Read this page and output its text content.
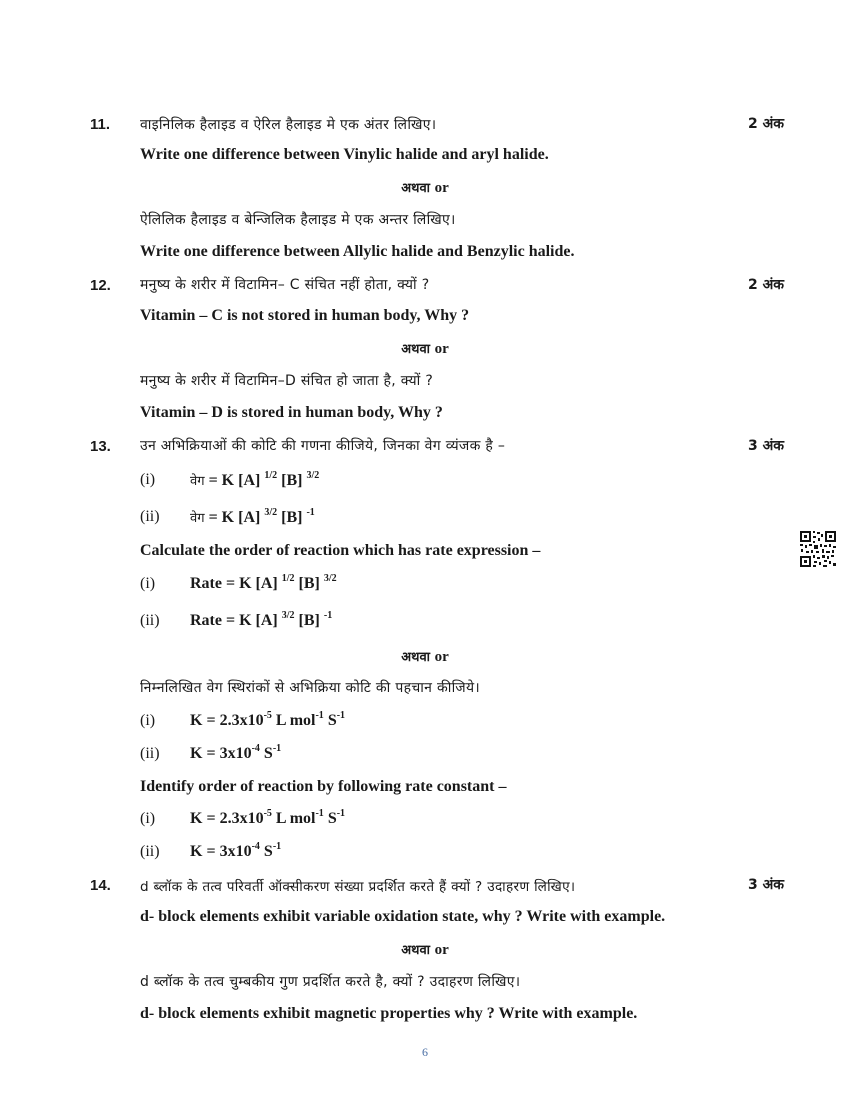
11. वाइनिलिक हैलाइड व ऐरिल हैलाइड मे एक अंतर लिखिए।	2 अंक
Write one difference between Vinylic halide and aryl halide.
अथवा or
ऐलिलिक हैलाइड व बेन्जिलिक हैलाइड मे एक अन्तर लिखिए।
Write one difference between Allylic halide and Benzylic halide.
12. मनुष्य के शरीर में विटामिन– C संचित नहीं होता, क्यों ?	2 अंक
Vitamin – C is not stored in human body, Why ?
अथवा or
मनुष्य के शरीर में विटामिन–D संचित हो जाता है, क्यों ?
Vitamin – D is stored in human body, Why ?
13. उन अभिक्रियाओं की कोटि की गणना कीजिये, जिनका वेग व्यंजक है –	3 अंक
(i)	वेग = K [A] $^{1/2}$ [B] $^{3/2}$
(ii) वेग = K [A] $^{3/2}$ [B] $^{-1}$
Calculate the order of reaction which has rate expression –
(i) Rate = K [A] $^{1/2}$ [B] $^{3/2}$
(ii) Rate = K [A] $^{3/2}$ [B] $^{-1}$
अथवा or
निम्नलिखित वेग स्थिरांकों से अभिक्रिया कोटि की पहचान कीजिये।
(i) $K = 2.3x10^{-5}$ L mol$^{-1}$ $S^{-1}$
(ii) $K = 3x10^{-4}$ $S^{-1}$
Identify order of reaction by following rate constant –
(i) $K = 2.3x10^{-5}$ L mol$^{-1}$ $S^{-1}$
(ii) $K = 3x10^{-4}$ $S^{-1}$
14. d ब्लॉक के तत्व परिवर्ती ऑक्सीकरण संख्या प्रदर्शित करते हैं क्यों ? उदाहरण लिखिए।	3 अंक
d- block elements exhibit variable oxidation state, why ? Write with example.
अथवा or
d ब्लॉक के तत्व चुम्बकीय गुण प्रदर्शित करते है, क्यों ? उदाहरण लिखिए।
d- block elements exhibit magnetic properties why ? Write with example.
6
